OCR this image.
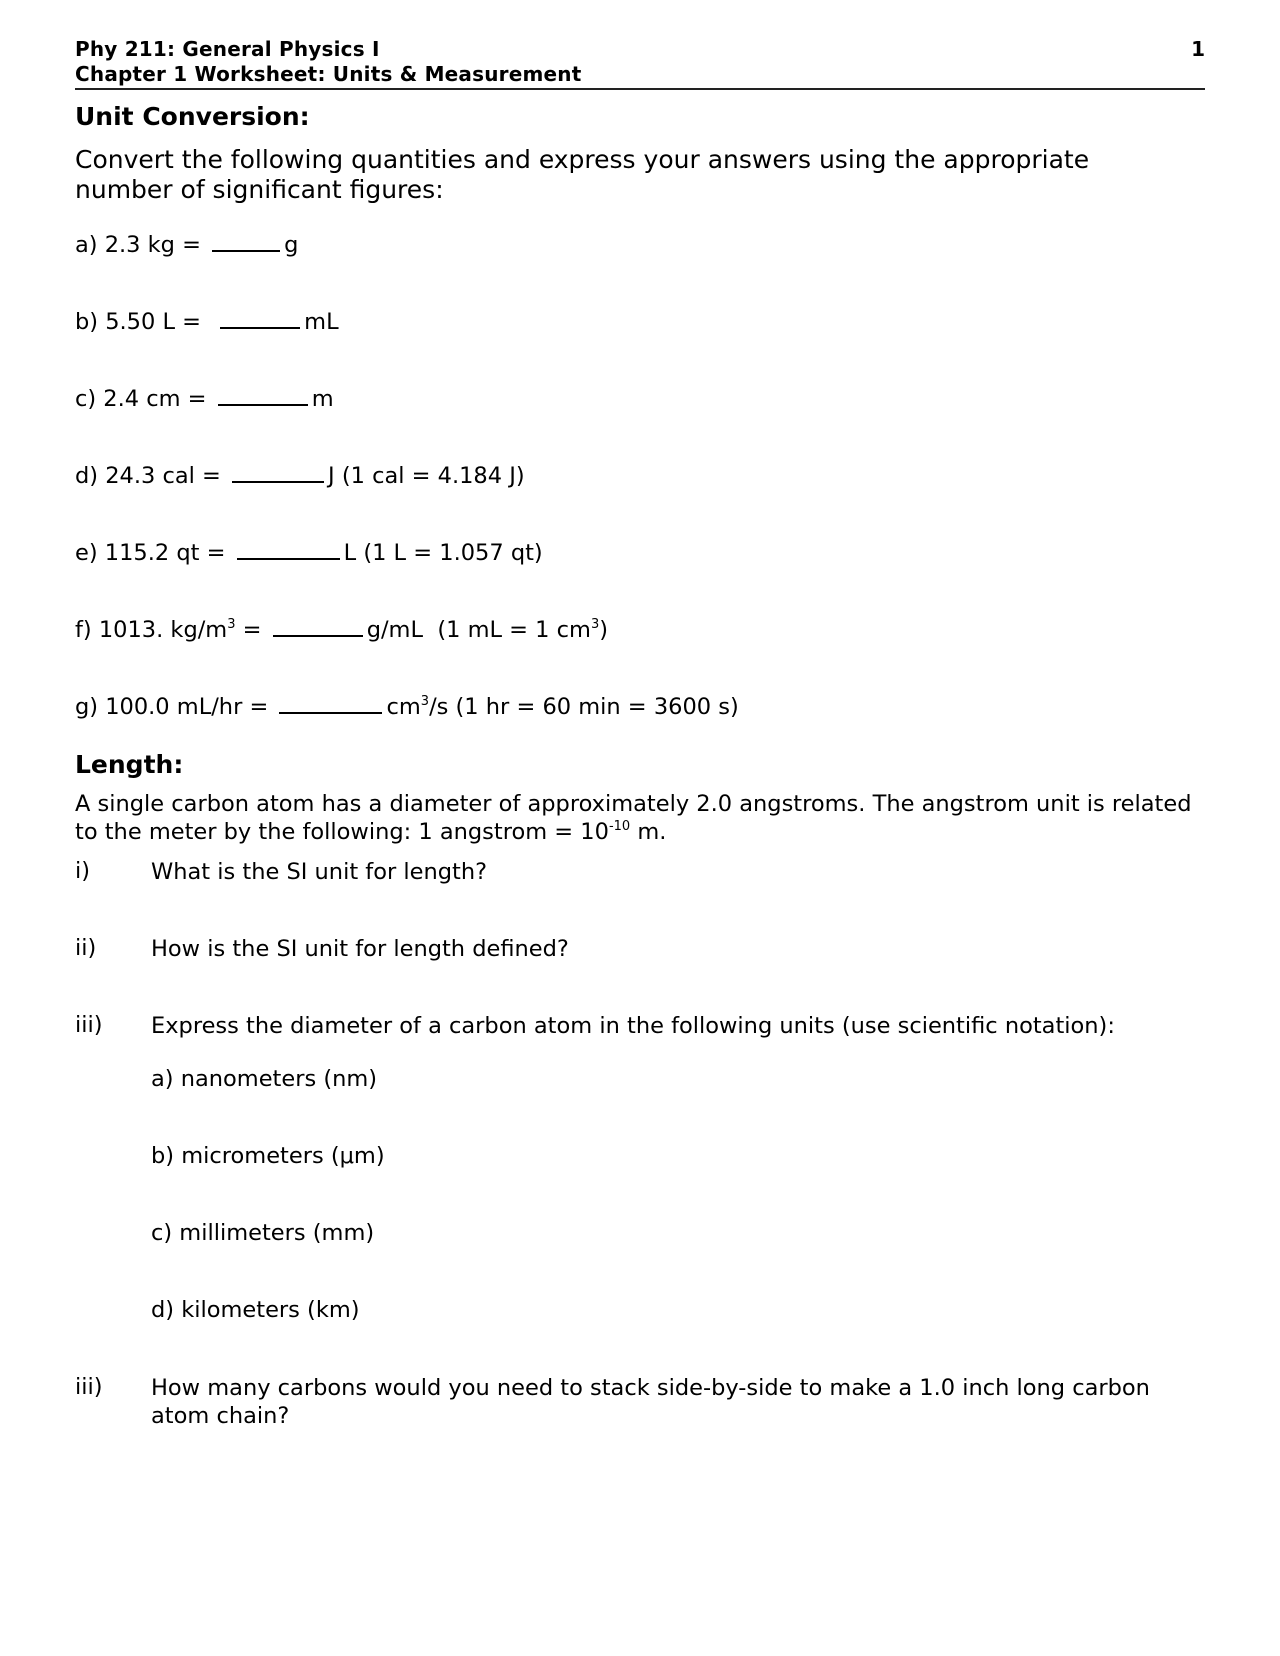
Phy 211: General Physics I
Chapter 1 Worksheet: Units & Measurement
1
Unit Conversion:
Convert the following quantities and express your answers using the appropriate number of significant figures:
a) 2.3 kg =	g
b) 5.50 L =	mL
c) 2.4 cm =	m
d) 24.3 cal =	J (1 cal = 4.184 J)
e) 115.2 qt =	L (1 L = 1.057 qt)
f) 1013. $kg/m^3$ =	g/mL  (1 mL = 1 $cm^3$)
g) 100.0 mL/hr =	$cm^3/s$ (1 hr = 60 min = 3600 s)
Length:
A single carbon atom has a diameter of approximately 2.0 angstroms. The angstrom unit is related to the meter by the following: 1 angstrom = $10^{-10}$ m.
i)	What is the SI unit for length?
ii) How is the SI unit for length defined?
iii) Express the diameter of a carbon atom in the following units (use scientific notation):
a) nanometers (nm)
b) micrometers (μm)
c) millimeters (mm)
d) kilometers (km)
iii) How many carbons would you need to stack side-by-side to make a 1.0 inch long carbon atom chain?
